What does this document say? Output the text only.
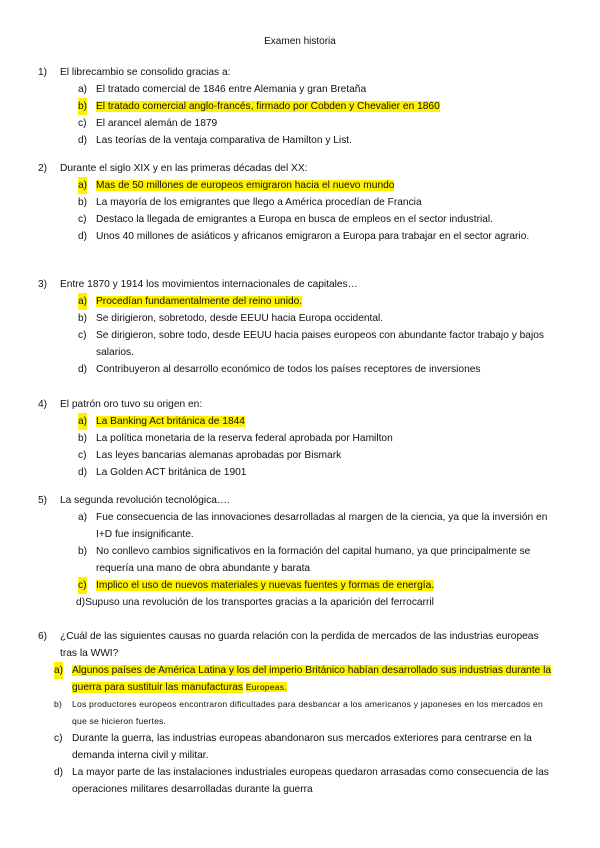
Examen historia
1) El librecambio se consolido gracias a:
a) El tratado comercial de 1846 entre Alemania y gran Bretaña
b) El tratado comercial anglo-francés, firmado por Cobden y Chevalier en 1860
c) El arancel alemán de 1879
d) Las teorías de la ventaja comparativa de Hamilton y List.
2) Durante el siglo XIX y en las primeras décadas del XX:
a) Mas de 50 millones de europeos emigraron hacia el nuevo mundo
b) La mayoría de los emigrantes que llego a América procedían de Francia
c) Destaco la llegada de emigrantes a Europa en busca de empleos en el sector industrial.
d) Unos 40 millones de asiáticos y africanos emigraron a Europa para trabajar en el sector agrario.
3) Entre 1870 y 1914 los movimientos internacionales de capitales…
a) Procedían fundamentalmente del reino unido.
b) Se dirigieron, sobretodo, desde EEUU hacia Europa occidental.
c) Se dirigieron, sobre todo, desde EEUU hacia paises europeos con abundante factor trabajo y bajos salarios.
d) Contribuyeron al desarrollo económico de todos los países receptores de inversiones
4) El patrón oro tuvo su origen en:
a) La Banking Act británica de 1844
b) La política monetaria de la reserva federal aprobada por Hamilton
c) Las leyes bancarias alemanas aprobadas por Bismark
d) La Golden ACT británica de 1901
5) La segunda revolución tecnológica….
a) Fue consecuencia de las innovaciones desarrolladas al margen de la ciencia, ya que la inversión en I+D fue insignificante.
b) No conllevo cambios significativos en la formación del capital humano, ya que principalmente se requería una mano de obra abundante y barata
c) Implico el uso de nuevos materiales y nuevas fuentes y formas de energía.
d)Supuso una revolución de los transportes gracias a la aparición del ferrocarril
6) ¿Cuál de las siguientes causas no guarda relación con la perdida de mercados de las industrias europeas tras la WWI?
a) Algunos países de América Latina y los del imperio Británico habían desarrollado sus industrias durante la guerra para sustituir las manufacturas Europeas.
b) Los productores europeos encontraron dificultades para desbancar a los americanos y japoneses en los mercados en que se hicieron fuertes.
c) Durante la guerra, las industrias europeas abandonaron sus mercados exteriores para centrarse en la demanda interna civil y militar.
d) La mayor parte de las instalaciones industriales europeas quedaron arrasadas como consecuencia de las operaciones militares desarrolladas durante la guerra
